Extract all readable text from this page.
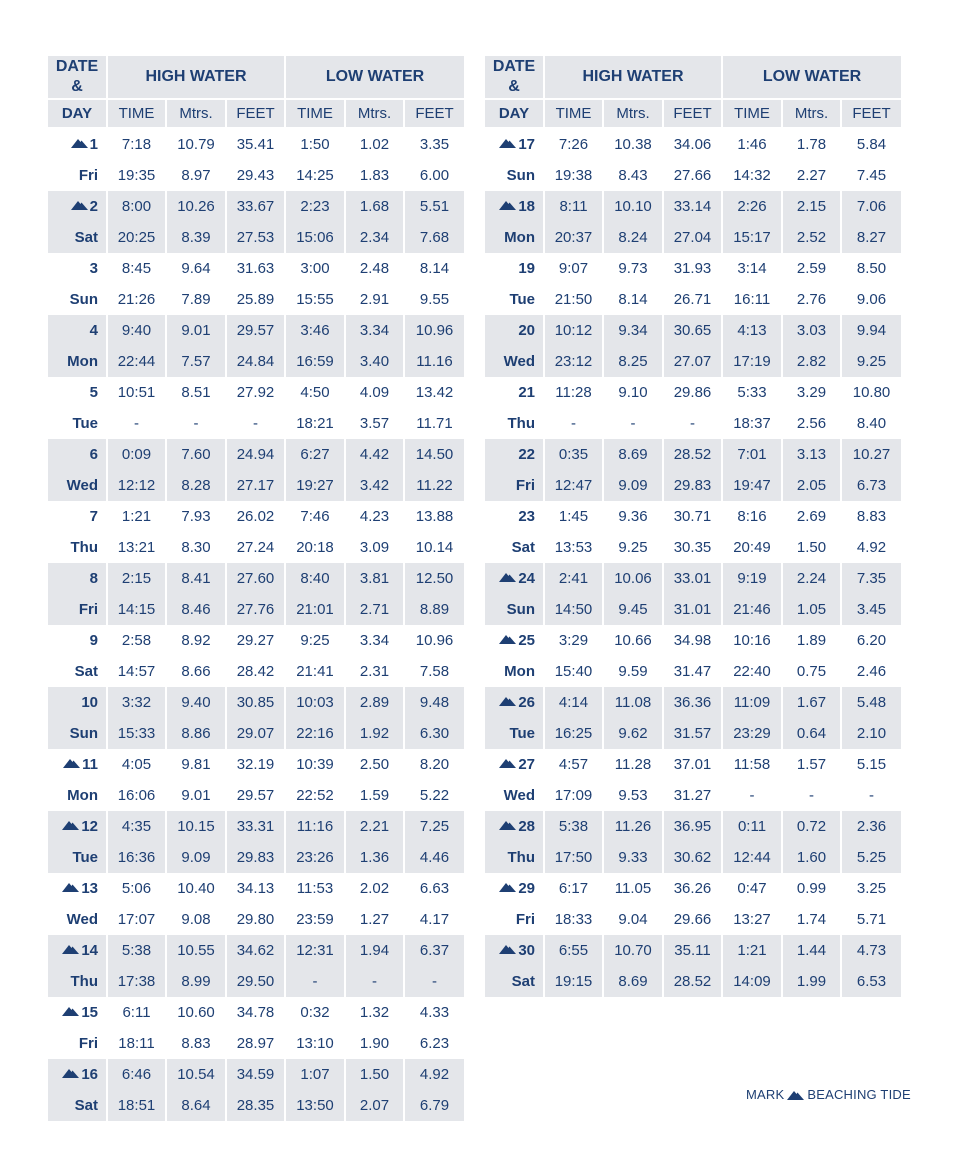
DATE
&	HIGH WATER			LOW WATER		
DAY	TIME	Mtrs.	FEET	TIME	Mtrs.	FEET

1	7:18	10.79	35.41	1:50	1.02	3.35
Fri	19:35	8.97	29.43	14:25	1.83	6.00

2	8:00	10.26	33.67	2:23	1.68	5.51
Sat	20:25	8.39	27.53	15:06	2.34	7.68
3	8:45	9.64	31.63	3:00	2.48	8.14
Sun	21:26	7.89	25.89	15:55	2.91	9.55
4	9:40	9.01	29.57	3:46	3.34	10.96
Mon	22:44	7.57	24.84	16:59	3.40	11.16
5	10:51	8.51	27.92	4:50	4.09	13.42
Tue	-	-	-	18:21	3.57	11.71
6	0:09	7.60	24.94	6:27	4.42	14.50
Wed	12:12	8.28	27.17	19:27	3.42	11.22
7	1:21	7.93	26.02	7:46	4.23	13.88
Thu	13:21	8.30	27.24	20:18	3.09	10.14
8	2:15	8.41	27.60	8:40	3.81	12.50
Fri	14:15	8.46	27.76	21:01	2.71	8.89
9	2:58	8.92	29.27	9:25	3.34	10.96
Sat	14:57	8.66	28.42	21:41	2.31	7.58
10	3:32	9.40	30.85	10:03	2.89	9.48
Sun	15:33	8.86	29.07	22:16	1.92	6.30

11	4:05	9.81	32.19	10:39	2.50	8.20
Mon	16:06	9.01	29.57	22:52	1.59	5.22

12	4:35	10.15	33.31	11:16	2.21	7.25
Tue	16:36	9.09	29.83	23:26	1.36	4.46

13	5:06	10.40	34.13	11:53	2.02	6.63
Wed	17:07	9.08	29.80	23:59	1.27	4.17

14	5:38	10.55	34.62	12:31	1.94	6.37
Thu	17:38	8.99	29.50	-	-	-

15	6:11	10.60	34.78	0:32	1.32	4.33
Fri	18:11	8.83	28.97	13:10	1.90	6.23

16	6:46	10.54	34.59	1:07	1.50	4.92
Sat	18:51	8.64	28.35	13:50	2.07	6.79
DATE
&	HIGH WATER			LOW WATER		
DAY	TIME	Mtrs.	FEET	TIME	Mtrs.	FEET

17	7:26	10.38	34.06	1:46	1.78	5.84
Sun	19:38	8.43	27.66	14:32	2.27	7.45

18	8:11	10.10	33.14	2:26	2.15	7.06
Mon	20:37	8.24	27.04	15:17	2.52	8.27
19	9:07	9.73	31.93	3:14	2.59	8.50
Tue	21:50	8.14	26.71	16:11	2.76	9.06
20	10:12	9.34	30.65	4:13	3.03	9.94
Wed	23:12	8.25	27.07	17:19	2.82	9.25
21	11:28	9.10	29.86	5:33	3.29	10.80
Thu	-	-	-	18:37	2.56	8.40
22	0:35	8.69	28.52	7:01	3.13	10.27
Fri	12:47	9.09	29.83	19:47	2.05	6.73
23	1:45	9.36	30.71	8:16	2.69	8.83
Sat	13:53	9.25	30.35	20:49	1.50	4.92

24	2:41	10.06	33.01	9:19	2.24	7.35
Sun	14:50	9.45	31.01	21:46	1.05	3.45

25	3:29	10.66	34.98	10:16	1.89	6.20
Mon	15:40	9.59	31.47	22:40	0.75	2.46

26	4:14	11.08	36.36	11:09	1.67	5.48
Tue	16:25	9.62	31.57	23:29	0.64	2.10

27	4:57	11.28	37.01	11:58	1.57	5.15
Wed	17:09	9.53	31.27	-	-	-

28	5:38	11.26	36.95	0:11	0.72	2.36
Thu	17:50	9.33	30.62	12:44	1.60	5.25

29	6:17	11.05	36.26	0:47	0.99	3.25
Fri	18:33	9.04	29.66	13:27	1.74	5.71

30	6:55	10.70	35.11	1:21	1.44	4.73
Sat	19:15	8.69	28.52	14:09	1.99	6.53
MARK BEACHING TIDE
